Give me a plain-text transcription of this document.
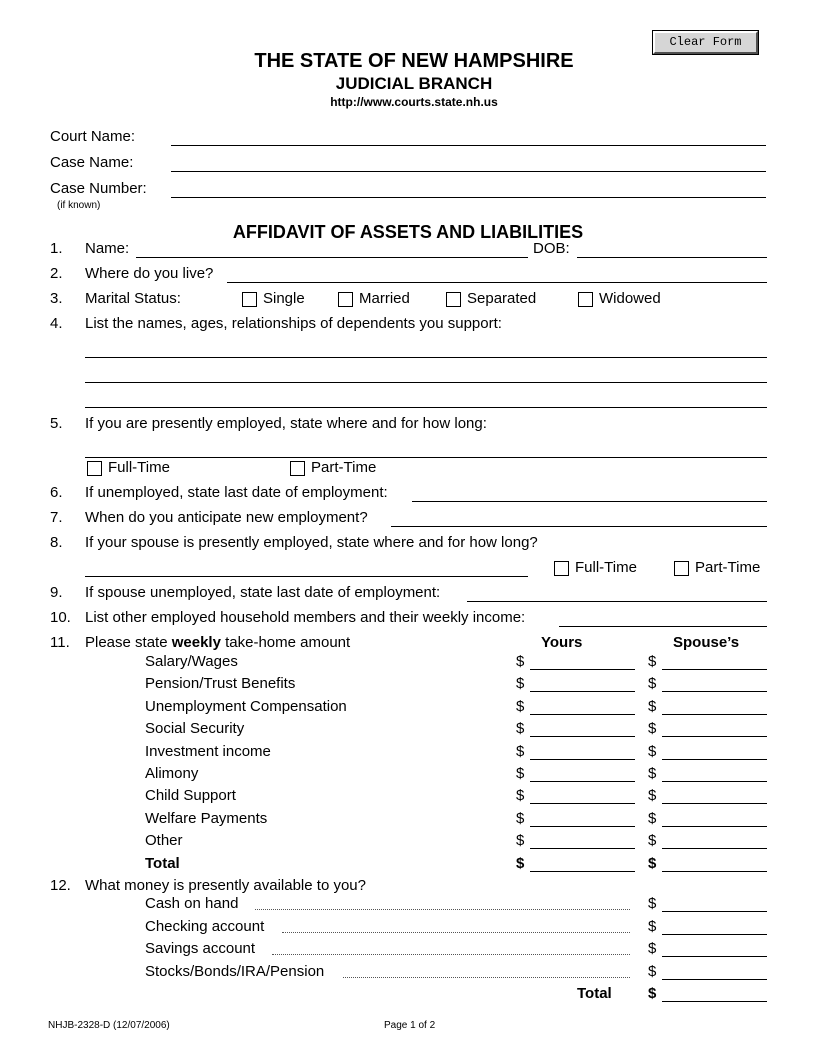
Clear Form
THE STATE OF NEW HAMPSHIRE
JUDICIAL BRANCH
http://www.courts.state.nh.us
Court Name:
Case Name:
Case Number:
(if known)
AFFIDAVIT OF ASSETS AND LIABILITIES
1. Name:	DOB:
2. Where do you live?
3. Marital Status:	Single	Married	Separated	Widowed
4. List the names, ages, relationships of dependents you support:
5. If you are presently employed, state where and for how long:
Full-Time	Part-Time
6. If unemployed, state last date of employment:
7. When do you anticipate new employment?
8. If your spouse is presently employed, state where and for how long?
Full-Time	Part-Time
9. If spouse unemployed, state last date of employment:
10. List other employed household members and their weekly income:
11. Please state weekly take-home amount	Yours	Spouse’s
Salary/Wages	$	$
Pension/Trust Benefits	$	$
Unemployment Compensation	$	$
Social Security	$	$
Investment income	$	$
Alimony	$	$
Child Support	$	$
Welfare Payments	$	$
Other	$	$
Total	$	$
12. What money is presently available to you?
Cash on hand	$
Checking account	$
Savings account	$
Stocks/Bonds/IRA/Pension	$
Total $
NHJB-2328-D (12/07/2006)	Page 1 of 2
